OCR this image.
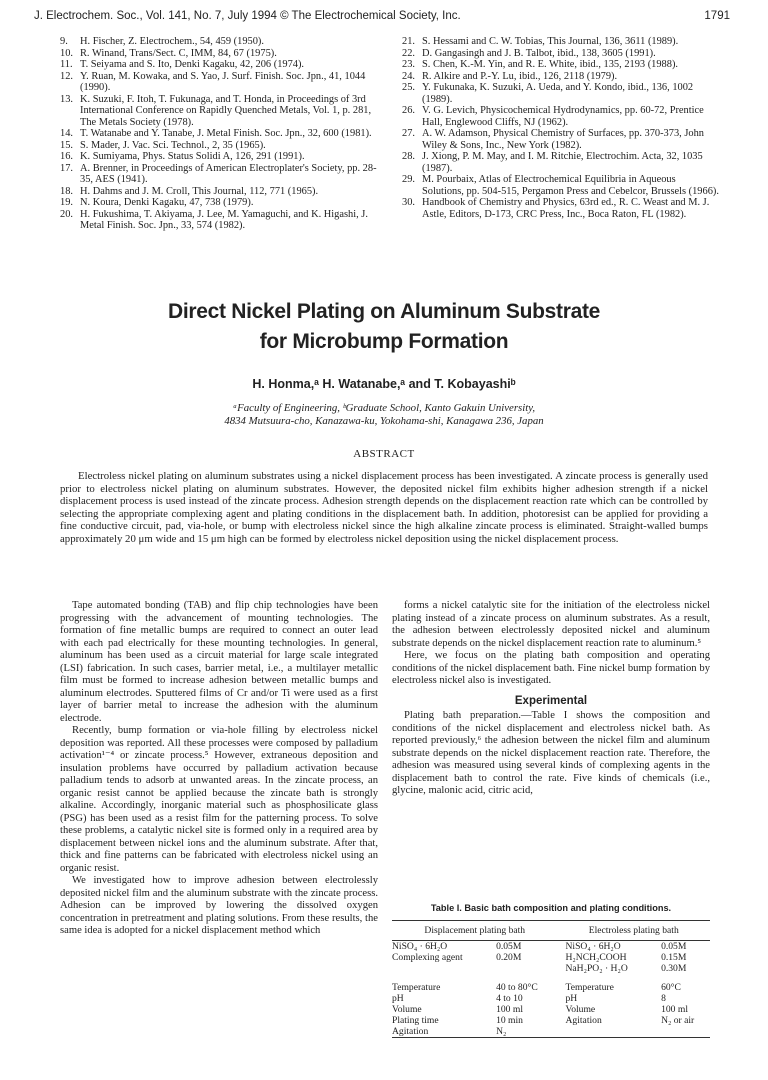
J. Electrochem. Soc., Vol. 141, No. 7, July 1994 © The Electrochemical Society, Inc.	1791

9. H. Fischer, Z. Electrochem., 54, 459 (1950).

10. R. Winand, Trans/Sect. C, IMM, 84, 67 (1975).

11. T. Seiyama and S. Ito, Denki Kagaku, 42, 206 (1974).

12. Y. Ruan, M. Kowaka, and S. Yao, J. Surf. Finish. Soc. Jpn., 41, 1044 (1990).

13. K. Suzuki, F. Itoh, T. Fukunaga, and T. Honda, in Proceedings of 3rd International Conference on Rapidly Quenched Metals, Vol. 1, p. 281, The Metals Society (1978).

14. T. Watanabe and Y. Tanabe, J. Metal Finish. Soc. Jpn., 32, 600 (1981).

15. S. Mader, J. Vac. Sci. Technol., 2, 35 (1965).

16. K. Sumiyama, Phys. Status Solidi A, 126, 291 (1991).

17. A. Brenner, in Proceedings of American Electroplater's Society, pp. 28-35, AES (1941).

18. H. Dahms and J. M. Croll, This Journal, 112, 771 (1965).

19. N. Koura, Denki Kagaku, 47, 738 (1979).

20. H. Fukushima, T. Akiyama, J. Lee, M. Yamaguchi, and K. Higashi, J. Metal Finish. Soc. Jpn., 33, 574 (1982).

21. S. Hessami and C. W. Tobias, This Journal, 136, 3611 (1989).

22. D. Gangasingh and J. B. Talbot, ibid., 138, 3605 (1991).

23. S. Chen, K.-M. Yin, and R. E. White, ibid., 135, 2193 (1988).

24. R. Alkire and P.-Y. Lu, ibid., 126, 2118 (1979).

25. Y. Fukunaka, K. Suzuki, A. Ueda, and Y. Kondo, ibid., 136, 1002 (1989).

26. V. G. Levich, Physicochemical Hydrodynamics, pp. 60-72, Prentice Hall, Englewood Cliffs, NJ (1962).

27. A. W. Adamson, Physical Chemistry of Surfaces, pp. 370-373, John Wiley & Sons, Inc., New York (1982).

28. J. Xiong, P. M. May, and I. M. Ritchie, Electrochim. Acta, 32, 1035 (1987).

29. M. Pourbaix, Atlas of Electrochemical Equilibria in Aqueous Solutions, pp. 504-515, Pergamon Press and Cebelcor, Brussels (1966).

30. Handbook of Chemistry and Physics, 63rd ed., R. C. Weast and M. J. Astle, Editors, D-173, CRC Press, Inc., Boca Raton, FL (1982).

Direct Nickel Plating on Aluminum Substrate
for Microbump Formation
H. Honma,ᵃ H. Watanabe,ᵃ and T. Kobayashiᵇ
ᵃFaculty of Engineering, ᵇGraduate School, Kanto Gakuin University,
4834 Mutsuura-cho, Kanazawa-ku, Yokohama-shi, Kanagawa 236, Japan
ABSTRACT

Electroless nickel plating on aluminum substrates using a nickel displacement process has been investigated. A zincate process is generally used prior to electroless nickel plating on aluminum substrates. However, the deposited nickel film exhibits higher adhesion strength if a nickel displacement process is used instead of the zincate process. Adhesion strength depends on the displacement reaction rate which can be controlled by selecting the appropriate complexing agent and plating conditions in the displacement bath. In addition, photoresist can be applied for providing a fine conductive circuit, pad, via-hole, or bump with electroless nickel since the high alkaline zincate process is eliminated. Straight-walled bumps approximately 20 μm wide and 15 μm high can be formed by electroless nickel deposition using the nickel displacement process.

Tape automated bonding (TAB) and flip chip technologies have been progressing with the advancement of mounting technologies. The formation of fine metallic bumps are required to connect an outer lead with each pad electrically for these mounting technologies. In general, aluminum has been used as a circuit material for large scale integrated (LSI) fabrication. In such cases, barrier metal, i.e., a multilayer metallic film must be formed to increase adhesion between metallic bumps and aluminum electrodes. Sputtered films of Cr and/or Ti were used as a first layer of barrier metal to increase the adhesion with the aluminum electrode.

Recently, bump formation or via-hole filling by electroless nickel deposition was reported. All these processes were composed by palladium activation¹⁻⁴ or zincate process.⁵ However, extraneous deposition and insulation problems have occurred by palladium activation because palladium tends to adsorb at unwanted areas. In the zincate process, an organic resist cannot be applied because the zincate bath is strongly alkaline. Accordingly, inorganic material such as phosphosilicate glass (PSG) has been used as a resist film for the patterning process. To solve these problems, a catalytic nickel site is formed only in a required area by displacement between nickel ions and the aluminum substrate. After that, thick and fine patterns can be fabricated with electroless nickel using an organic resist.

We investigated how to improve adhesion between electrolessly deposited nickel film and the aluminum substrate with the zincate process. Adhesion can be improved by lowering the dissolved oxygen concentration in pretreatment and plating solutions. From these results, the same idea is adopted for a nickel displacement method which

forms a nickel catalytic site for the initiation of the electroless nickel plating instead of a zincate process on aluminum substrates. As a result, the adhesion between electrolessly deposited nickel and aluminum substrate depends on the nickel displacement reaction rate to aluminum.⁵

Here, we focus on the plating bath composition and operating conditions of the nickel displacement bath. Fine nickel bump formation by electroless nickel also is investigated.

Experimental

Plating bath preparation.—Table I shows the composition and conditions of the nickel displacement and electroless nickel bath. As reported previously,⁶ the adhesion between the nickel film and aluminum substrate depends on the nickel displacement reaction rate. Therefore, the adhesion was measured using several kinds of complexing agents in the displacement bath to control the rate. Five kinds of chemicals (i.e., glycine, malonic acid, citric acid,

Table I. Basic bath composition and plating conditions.
Displacement plating bath		Electroless plating bath	
NiSO₄ · 6H₂O	0.05M	NiSO₄ · 6H₂O	0.05M
Complexing agent	0.20M	H₂NCH₂COOH	0.15M
		NaH₂PO₂ · H₂O	0.30M

Temperature	40 to 80°C	Temperature	60°C
pH	4 to 10	pH	8
Volume	100 ml	Volume	100 ml
Plating time	10 min	Agitation	N₂ or air
Agitation	N₂		
